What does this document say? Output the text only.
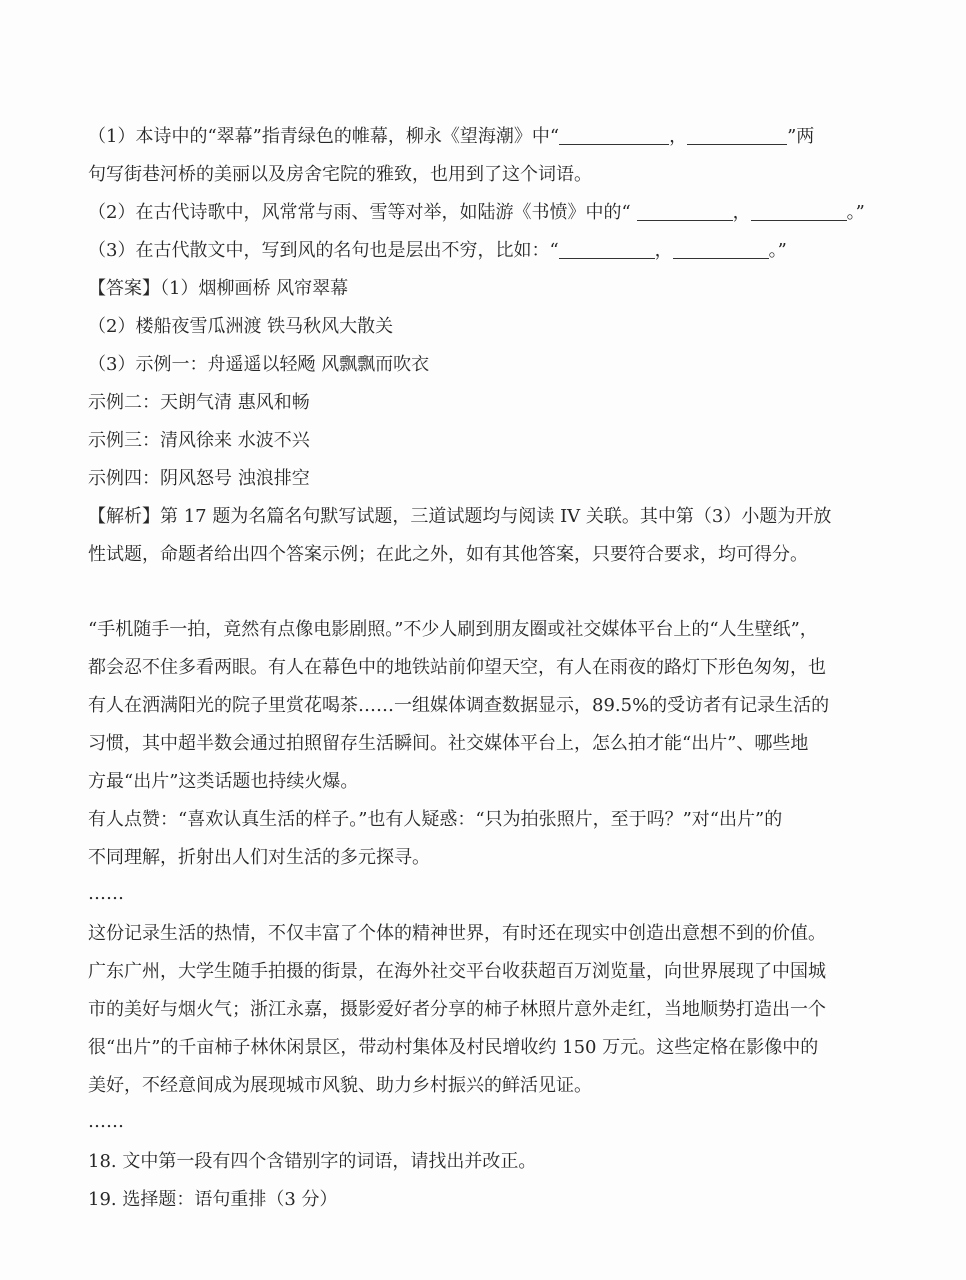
（1）本诗中的“翠幕”指青绿色的帷幕，柳永《望海潮》中“	，	”两
句写街巷河桥的美丽以及房舍宅院的雅致，也用到了这个词语。
（2）在古代诗歌中，风常常与雨、雪等对举，如陆游《书愤》中的“	，	。”
（3）在古代散文中，写到风的名句也是层出不穷，比如：“	，	。”
【答案】（1）烟柳画桥 风帘翠幕
（2）楼船夜雪瓜洲渡 铁马秋风大散关
（3）示例一：舟遥遥以轻飏 风飘飘而吹衣
示例二：天朗气清 惠风和畅
示例三：清风徐来 水波不兴
示例四：阴风怒号 浊浪排空
【解析】第 17 题为名篇名句默写试题，三道试题均与阅读 IV 关联。其中第（3）小题为开放
性试题，命题者给出四个答案示例；在此之外，如有其他答案，只要符合要求，均可得分。
“手机随手一拍，竟然有点像电影剧照。”不少人刷到朋友圈或社交媒体平台上的“人生壁纸”，
都会忍不住多看两眼。有人在幕色中的地铁站前仰望天空，有人在雨夜的路灯下形色匆匆，也
有人在洒满阳光的院子里赏花喝茶……一组媒体调查数据显示，89.5%的受访者有记录生活的
习惯，其中超半数会通过拍照留存生活瞬间。社交媒体平台上，怎么拍才能“出片”、哪些地
方最“出片”这类话题也持续火爆。
有人点赞：“喜欢认真生活的样子。”也有人疑惑：“只为拍张照片，至于吗？”对“出片”的
不同理解，折射出人们对生活的多元探寻。
……
这份记录生活的热情，不仅丰富了个体的精神世界，有时还在现实中创造出意想不到的价值。
广东广州，大学生随手拍摄的街景，在海外社交平台收获超百万浏览量，向世界展现了中国城
市的美好与烟火气；浙江永嘉，摄影爱好者分享的柿子林照片意外走红，当地顺势打造出一个
很“出片”的千亩柿子林休闲景区，带动村集体及村民增收约 150 万元。这些定格在影像中的
美好，不经意间成为展现城市风貌、助力乡村振兴的鲜活见证。
……
18. 文中第一段有四个含错别字的词语，请找出并改正。
19. 选择题：语句重排（3 分）
